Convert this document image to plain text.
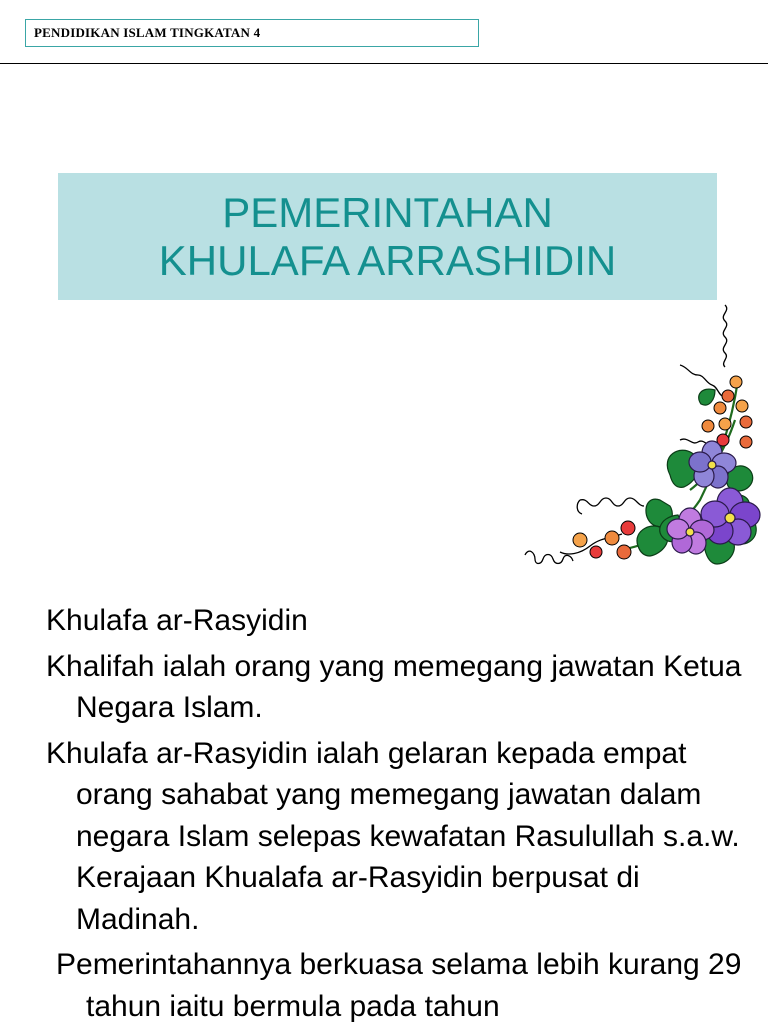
PENDIDIKAN ISLAM TINGKATAN 4
PEMERINTAHAN
KHULAFA ARRASHIDIN

Khulafa ar-Rasyidin

Khalifah ialah orang yang memegang jawatan Ketua Negara Islam.

Khulafa ar-Rasyidin ialah gelaran kepada empat orang sahabat yang memegang jawatan dalam negara Islam selepas kewafatan Rasulullah s.a.w. Kerajaan Khualafa ar-Rasyidin berpusat di Madinah.

Pemerintahannya berkuasa selama lebih kurang 29 tahun iaitu bermula pada tahun
